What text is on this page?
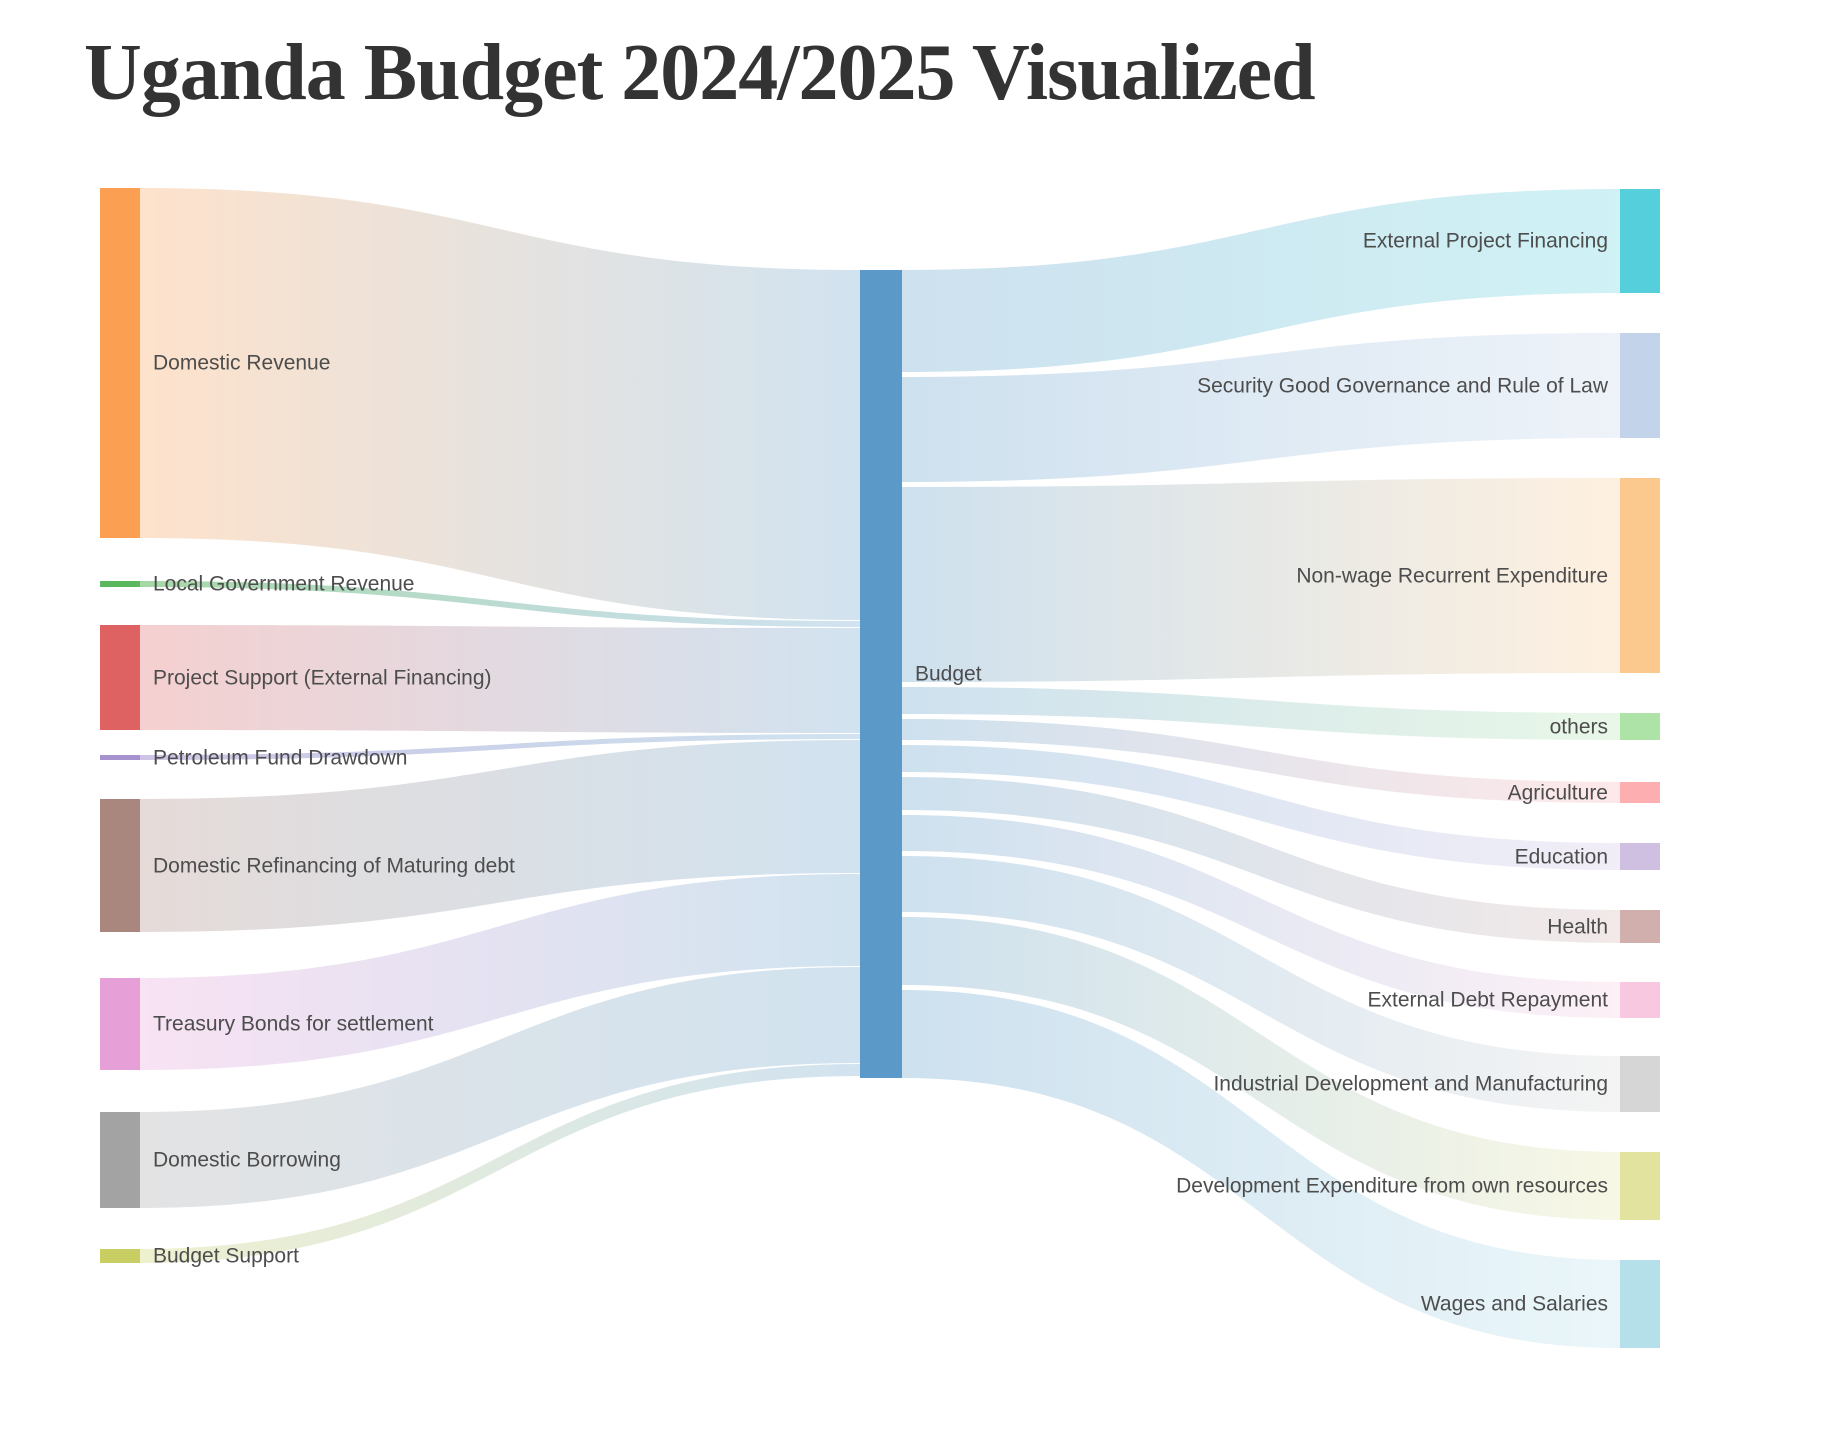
Uganda Budget 2024/2025 Visualized
Domestic Revenue
Local Government Revenue
Project Support (External Financing)
Petroleum Fund Drawdown
Domestic Refinancing of Maturing debt
Treasury Bonds for settlement
Domestic Borrowing
Budget Support
Budget
External Project Financing
Security Good Governance and Rule of Law
Non-wage Recurrent Expenditure
others
Agriculture
Education
Health
External Debt Repayment
Industrial Development and Manufacturing
Development Expenditure from own resources
Wages and Salaries
